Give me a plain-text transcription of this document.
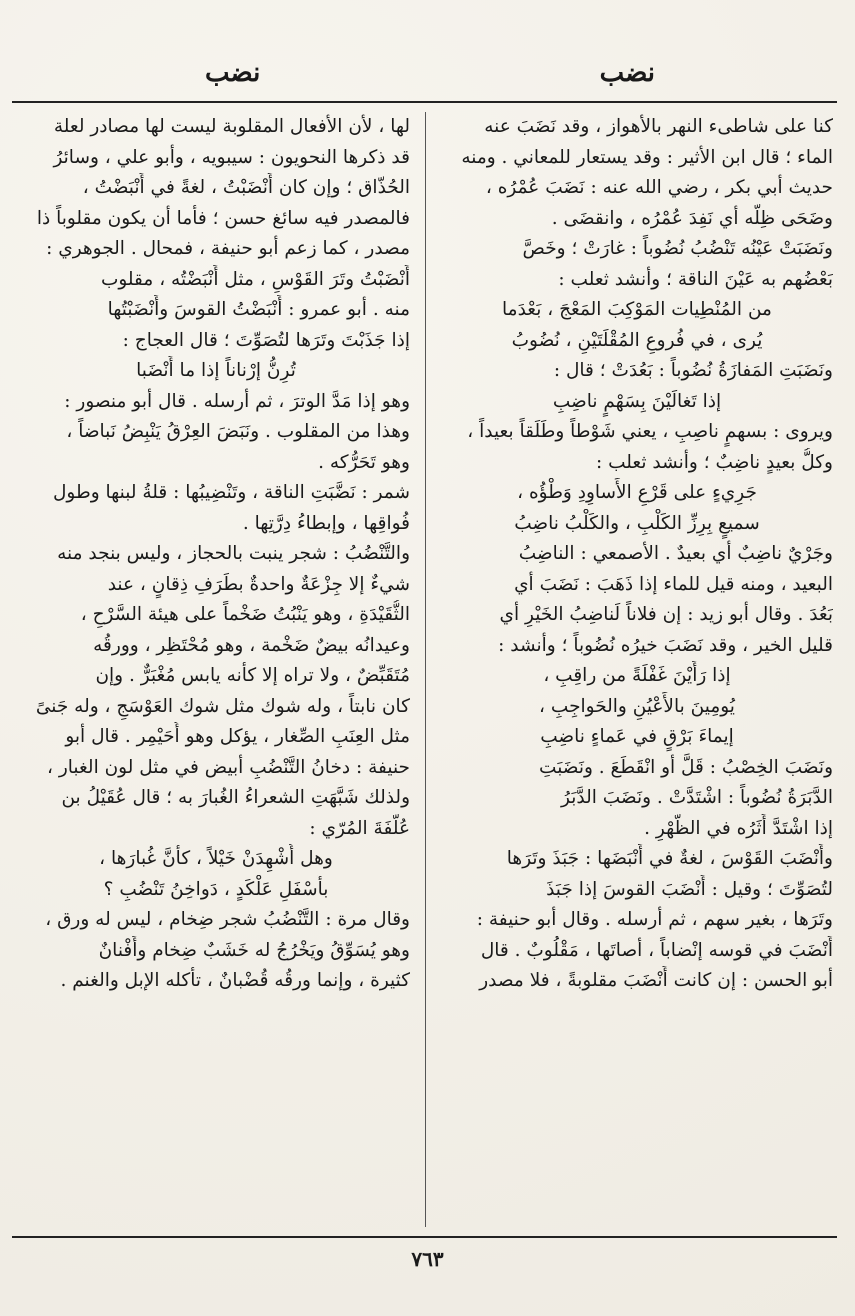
نضب
نضب
كنا على شاطىء النهر بالأهواز ، وقد نَضَبَ عنه
الماء ؛ قال ابن الأثير : وقد يستعار للمعاني . ومنه
حديث أبي بكر ، رضي الله عنه : نَضَبَ عُمْرُه ،
وضَحَى ظِلُّه أي نَفِدَ عُمْرُه ، وانقضَى .
ونَضَبَتْ عَيْنُه تَنْضُبُ نُضُوباً : غارَتْ ؛ وخَصَّ
بَعْضُهم به عَيْنَ الناقة ؛ وأنشد ثعلب :
من المُنْطِيات المَوْكِبَ المَعْجَ ، بَعْدَما
يُرى ، في فُروعِ المُقْلَتَيْنِ ، نُضُوبُ
ونَضَبَتِ المَفازَةُ نُضُوباً : بَعُدَتْ ؛ قال :
إذا تَغالَيْنَ بِسَهْمٍ ناضِبِ
ويروى : بسهمٍ ناصِبِ ، يعني شَوْطاً وطَلَقاً بعيداً ،
وكلُّ بعيدٍ ناضِبٌ ؛ وأنشد ثعلب :
جَرِيءٍ على قَرْعِ الأَساوِدِ وَطْؤُه ،
سميعٍ بِرِزِّ الكَلْبِ ، والكَلْبُ ناضِبُ
وجَرْيٌ ناضِبٌ أي بعيدٌ . الأصمعي : الناضِبُ
البعيد ، ومنه قيل للماء إذا ذَهَبَ : نَضَبَ أي
بَعُدَ . وقال أبو زيد : إن فلاناً لَناضِبُ الخَيْرِ أي
قليل الخير ، وقد نَضَبَ خيرُه نُضُوباً ؛ وأنشد :
إذا رَأَيْنَ غَفْلَةً من راقِبِ ،
يُومِينَ بالأَعْيُنِ والحَواجِبِ ،
إيماءَ بَرْقٍ في عَماءٍ ناضِبِ
ونَضَبَ الخِصْبُ : قَلَّ أو انْقَطَعَ . ونَضَبَتِ
الدَّبَرَةُ نُضُوباً : اشْتَدَّتْ . ونَضَبَ الدَّبَرُ
إذا اشْتَدَّ أَثَرُه في الظَّهْرِ .
وأَنْضَبَ القَوْسَ ، لغةٌ في أَنْبَضَها : جَبَذَ وتَرَها
لتُصَوِّتَ ؛ وقيل : أَنْضَبَ القوسَ إذا جَبَذَ
وتَرَها ، بغير سهم ، ثم أرسله . وقال أبو حنيفة :
أَنْضَبَ في قوسه إنْضاباً ، أصاتَها ، مَقْلُوبٌ . قال
أبو الحسن : إن كانت أَنْضَبَ مقلوبةً ، فلا مصدر
لها ، لأن الأفعال المقلوبة ليست لها مصادر لعلة
قد ذكرها النحويون : سيبويه ، وأبو علي ، وسائرُ
الحُذّاق ؛ وإن كان أَنْضَبْتُ ، لغةً في أَنْبَضْتُ ،
فالمصدر فيه سائغ حسن ؛ فأما أن يكون مقلوباً ذا
مصدر ، كما زعم أبو حنيفة ، فمحال . الجوهري :
أَنْضَبْتُ وتَرَ القَوْسِ ، مثل أَنْبَضْتُه ، مقلوب
منه . أبو عمرو : أَنْبَضْتُ القوسَ وأَنْضَبْتُها
إذا جَذَبْتَ وتَرَها لتُصَوِّتَ ؛ قال العجاج :
تُرِنُّ إرْناناً إذا ما أَنْضَبا
وهو إذا مَدَّ الوترَ ، ثم أرسله . قال أبو منصور :
وهذا من المقلوب . ونَبَضَ العِرْقُ يَنْبِضُ نَباضاً ،
وهو تَحَرُّكه .
شمر : نَضَّبَتِ الناقة ، وتَنْضِيبُها : قلةُ لبنها وطول
فُواقِها ، وإبطاءُ دِرَّتِها .
والتَّنْضُبُ : شجر ينبت بالحجاز ، وليس بنجد منه
شيءٌ إلا جِزْعَةٌ واحدةٌ بطَرَفِ ذِقانٍ ، عند
الثُّقَيْدَةِ ، وهو يَنْبُتُ ضَخْماً على هيئة السَّرْحِ ،
وعيدانُه بيضٌ ضَخْمة ، وهو مُحْتَظِر ، وورقُه
مُتَقَبِّضٌ ، ولا تراه إلا كأنه يابس مُغْبَرٌّ . وإن
كان نابتاً ، وله شوك مثل شوك العَوْسَجِ ، وله جَنىً
مثل العِنَبِ الصِّغار ، يؤكل وهو أُحَيْمِر . قال أبو
حنيفة : دخانُ التَّنْضُبِ أبيض في مثل لون الغبار ،
ولذلك شَبَّهَتِ الشعراءُ الغُبارَ به ؛ قال عُقَيْلُ بن
عُلَّفَةَ المُرّي :
وهل أُشْهِدَنْ خَيْلاً ، كأَنَّ غُبارَها ،
بأَسْفَلِ عَلْكَدٍ ، دَواخِنُ تَنْضُبِ ؟
وقال مرة : التَّنْضُبُ شجر ضِخام ، ليس له ورق ،
وهو يُسَوِّقُ ويَخْرُجُ له خَشَبٌ ضِخام وأَفْنانٌ
كثيرة ، وإنما ورقُه قُضْبانٌ ، تأكله الإبل والغنم .
٧٦٣
